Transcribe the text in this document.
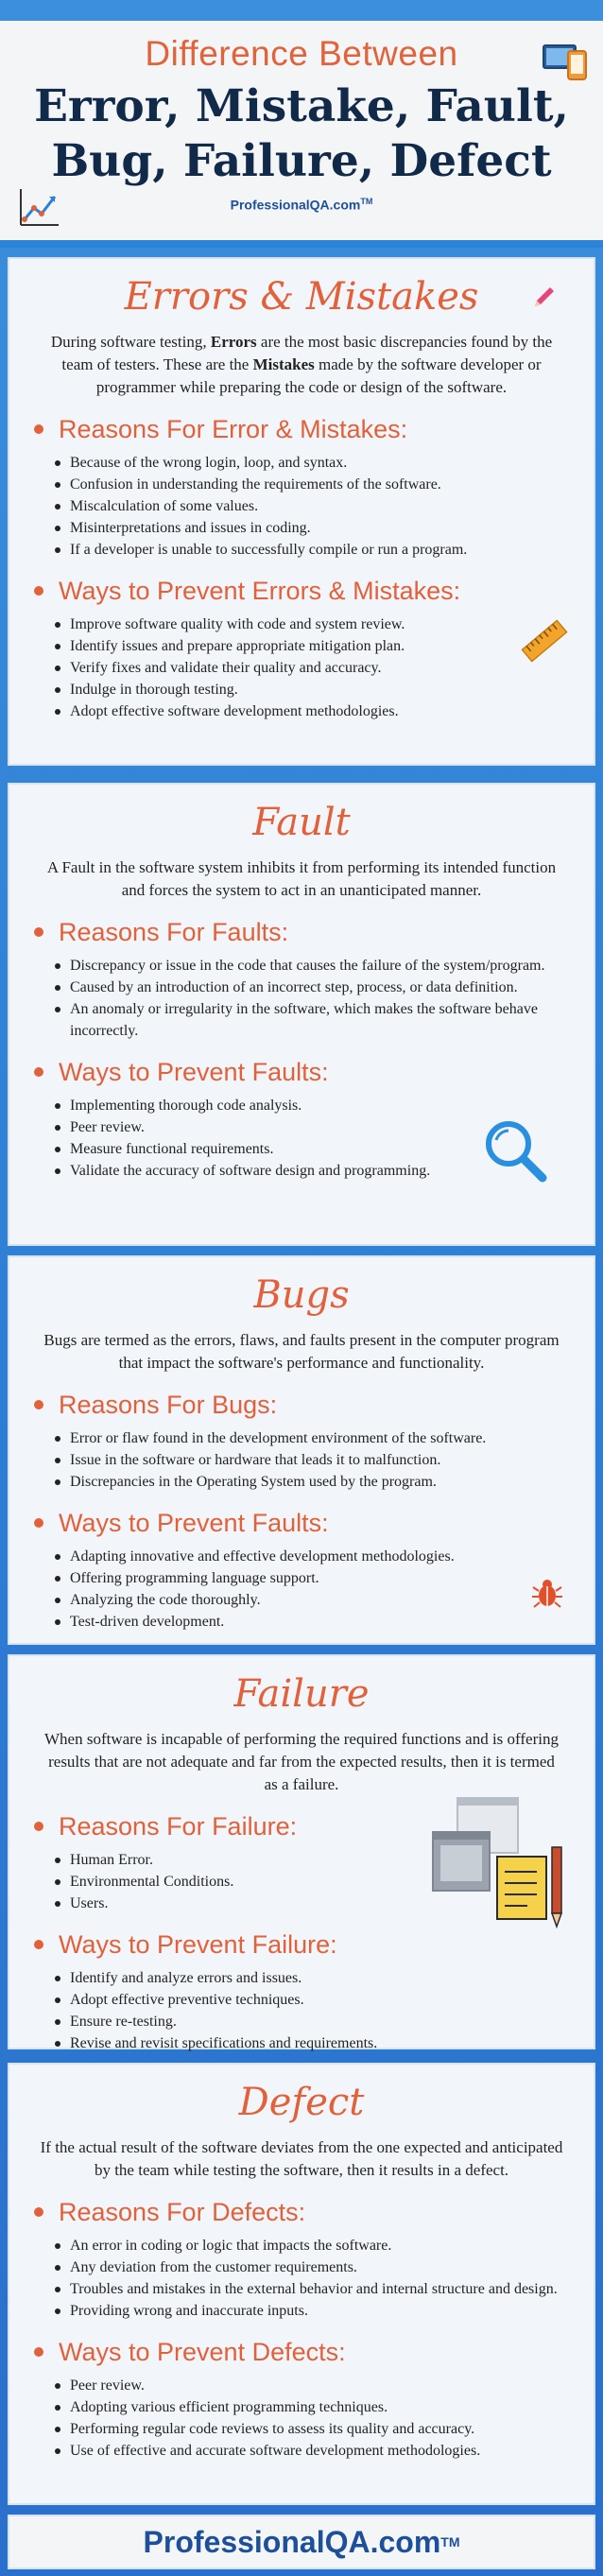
Difference Between
Error, Mistake, Fault,
Bug, Failure, Defect
ProfessionalQA.com™
Errors & Mistakes
During software testing, Errors are the most basic discrepancies found by the team of testers. These are the Mistakes made by the software developer or programmer while preparing the code or design of the software.
Reasons For Error & Mistakes:
Because of the wrong login, loop, and syntax.
Confusion in understanding the requirements of the software.
Miscalculation of some values.
Misinterpretations and issues in coding.
If a developer is unable to successfully compile or run a program.
Ways to Prevent Errors & Mistakes:
Improve software quality with code and system review.
Identify issues and prepare appropriate mitigation plan.
Verify fixes and validate their quality and accuracy.
Indulge in thorough testing.
Adopt effective software development methodologies.
Fault
A Fault in the software system inhibits it from performing its intended function and forces the system to act in an unanticipated manner.
Reasons For Faults:
Discrepancy or issue in the code that causes the failure of the system/program.
Caused by an introduction of an incorrect step, process, or data definition.
An anomaly or irregularity in the software, which makes the software behave incorrectly.
Ways to Prevent Faults:
Implementing thorough code analysis.
Peer review.
Measure functional requirements.
Validate the accuracy of software design and programming.
Bugs
Bugs are termed as the errors, flaws, and faults present in the computer program that impact the software's performance and functionality.
Reasons For Bugs:
Error or flaw found in the development environment of the software.
Issue in the software or hardware that leads it to malfunction.
Discrepancies in the Operating System used by the program.
Ways to Prevent Faults:
Adapting innovative and effective development methodologies.
Offering programming language support.
Analyzing the code thoroughly.
Test-driven development.
Failure
When software is incapable of performing the required functions and is offering results that are not adequate and far from the expected results, then it is termed as a failure.
Reasons For Failure:
Human Error.
Environmental Conditions.
Users.
Ways to Prevent Failure:
Identify and analyze errors and issues.
Adopt effective preventive techniques.
Ensure re-testing.
Revise and revisit specifications and requirements.
Defect
If the actual result of the software deviates from the one expected and anticipated by the team while testing the software, then it results in a defect.
Reasons For Defects:
An error in coding or logic that impacts the software.
Any deviation from the customer requirements.
Troubles and mistakes in the external behavior and internal structure and design.
Providing wrong and inaccurate inputs.
Ways to Prevent Defects:
Peer review.
Adopting various efficient programming techniques.
Performing regular code reviews to assess its quality and accuracy.
Use of effective and accurate software development methodologies.
Professional QA.com TM
